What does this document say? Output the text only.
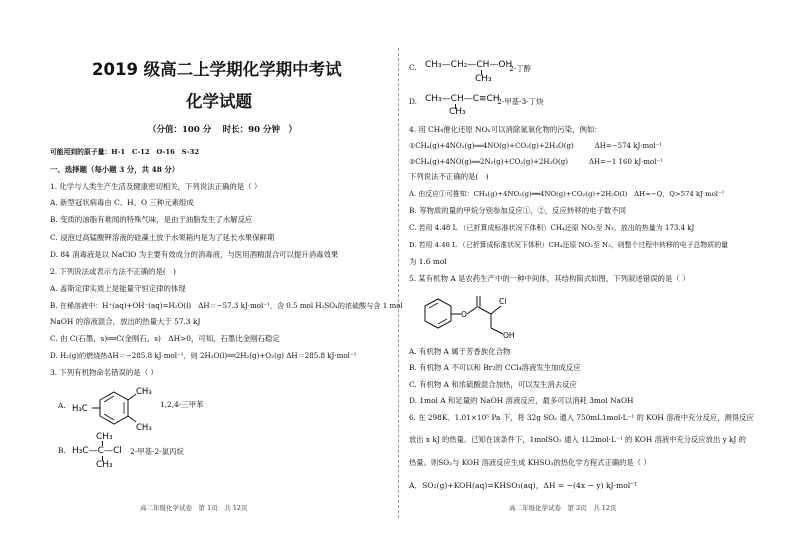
2019 级高二上学期化学期中考试
化学试题
（分值：100 分　 时长：90 分钟　）
可能用到的原子量：H-1　C-12　O-16　S-32
一、选择题（每小题 3 分，共 48 分）
1. 化学与人类生产生活及健康密切相关，下列说法正确的是（ ）
A. 新型冠状病毒由 C、H、O 三种元素组成
B. 变质的油脂有难闻的特殊气味，是由于油脂发生了水解反应
C. 浸泡过高锰酸钾溶液的硅藻土放于水果箱内是为了延长水果保鲜期
D. 84 消毒液是以 NaClO 为主要有效成分的消毒液，与医用酒精混合可以提升消毒效果
2. 下列说法或表示方法不正确的是(　)
A. 盖斯定律实质上是能量守恒定律的体现
B. 在稀溶液中：H⁺(aq)+OH⁻(aq)=H₂O(l)　ΔH＝−57.3 kJ·mol⁻¹，含 0.5 mol H₂SO₄的浓硫酸与含 1 mol
NaOH 的溶液混合，放出的热量大于 57.3 kJ
C. 由 C(石墨，s)══C(金刚石，s)　ΔH>0，可知，石墨比金刚石稳定
D. H₂(g)的燃烧热ΔH＝−285.8 kJ·mol⁻¹，则 2H₂O(l)══2H₂(g)+O₂(g) ΔH＝285.8 kJ·mol⁻¹
3. 下列有机物命名错误的是（ ）
A.
CH₃
H₃C
CH₃
1,2,4-三甲苯
B.
CH₃
H₃C—C—Cl
CH₃
2-甲基-2-氯丙烷
高二年级化学试卷　第 1页　共 12页
C. CH₃—CH₂—CH—OH
CH₃
2-丁醇
D. CH₃—CH—C≡CH
CH₃
2-甲基-3-丁炔
4. 用 CH₄催化还原 NOₓ可以消除氮氧化物的污染，例如：
①CH₄(g)+4NO₂(g)══4NO(g)+CO₂(g)+2H₂O(g)　　　ΔH=−574 kJ·mol⁻¹
②CH₄(g)+4NO(g)══2N₂(g)+CO₂(g)+2H₂O(g)　　　ΔH=−1 160 kJ·mol⁻¹
下列说法不正确的是(　)
A. 由反应①可推知：CH₄(g)+4NO₂(g)══4NO(g)+CO₂(g)+2H₂O(l)　ΔH=−Q，Q>574 kJ·mol⁻¹
B. 等物质的量的甲烷分别参加反应①、②，反应转移的电子数不同
C. 若用 4.48 L （已折算成标准状况下体积）CH₄还原 NO₂至 N₂，放出的热量为 173.4 kJ
D. 若用 4.48 L （已折算成标准状况下体积）CH₄还原 NO₂至 N₂，则整个过程中转移的电子总物质的量
为 1.6 mol
5. 某有机物 A 是农药生产中的一种中间体，其结构简式如图，下列叙述错误的是（ ）
O
Cl
OH
A. 有机物 A 属于芳香族化合物
B. 有机物 A 不可以和 Br₂的 CCl₄溶液发生加成反应
C. 有机物 A 和浓硫酸混合加热，可以发生消去反应
D. 1mol A 和足量的 NaOH 溶液反应，最多可以消耗 3mol NaOH
6. 在 298K、1.01×10⁵ Pa 下，将 32g SO₂ 通入 750mL1mol·L⁻¹ 的 KOH 溶液中充分反应，测得反应
放出 x kJ 的热量。已知在该条件下，1molSO₂ 通入 1L2mol·L⁻¹ 的 KOH 溶液中充分反应放出 y kJ 的
热量。则SO₂与 KOH 溶液反应生成 KHSO₃的热化学方程式正确的是（ ）
A．SO₂(g)+KOH(aq)=KHSO₃(aq)，ΔH = −(4x − y) kJ·mol⁻¹
高二年级化学试卷　第 2页　共 12页
